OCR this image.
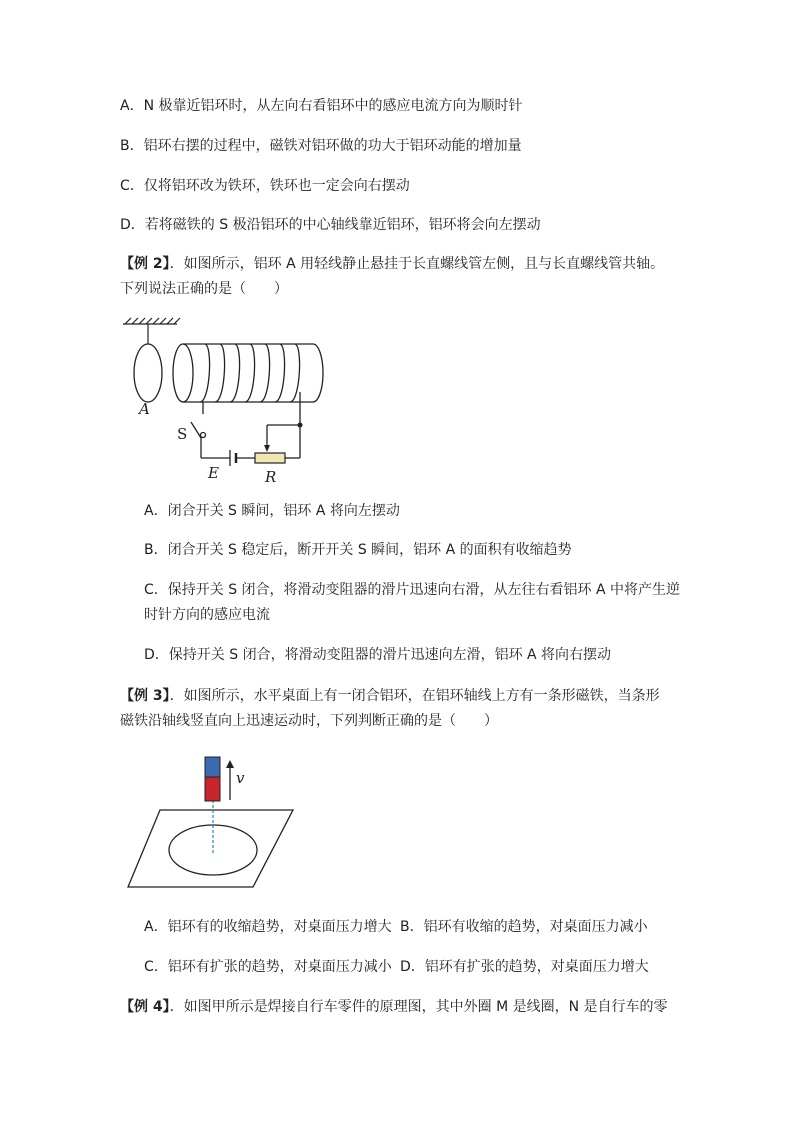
A．N 极靠近铝环时，从左向右看铝环中的感应电流方向为顺时针
B．铝环右摆的过程中，磁铁对铝环做的功大于铝环动能的增加量
C．仅将铝环改为铁环，铁环也一定会向右摆动
D．若将磁铁的 S 极沿铝环的中心轴线靠近铝环，铝环将会向左摆动
【例 2】．如图所示，铝环 A 用轻线静止悬挂于长直螺线管左侧，且与长直螺线管共轴。
下列说法正确的是（　　）
A
S
E	R
A．闭合开关 S 瞬间，铝环 A 将向左摆动
B．闭合开关 S 稳定后，断开开关 S 瞬间，铝环 A 的面积有收缩趋势
C．保持开关 S 闭合，将滑动变阻器的滑片迅速向右滑，从左往右看铝环 A 中将产生逆
时针方向的感应电流
D．保持开关 S 闭合，将滑动变阻器的滑片迅速向左滑，铝环 A 将向右摆动
【例 3】．如图所示，水平桌面上有一闭合铝环，在铝环轴线上方有一条形磁铁，当条形
磁铁沿轴线竖直向上迅速运动时，下列判断正确的是（　　）
v
A．铝环有的收缩趋势，对桌面压力增大 B．铝环有收缩的趋势，对桌面压力减小
C．铝环有扩张的趋势，对桌面压力减小 D．铝环有扩张的趋势，对桌面压力增大
【例 4】．如图甲所示是焊接自行车零件的原理图，其中外圈 M 是线圈，N 是自行车的零
